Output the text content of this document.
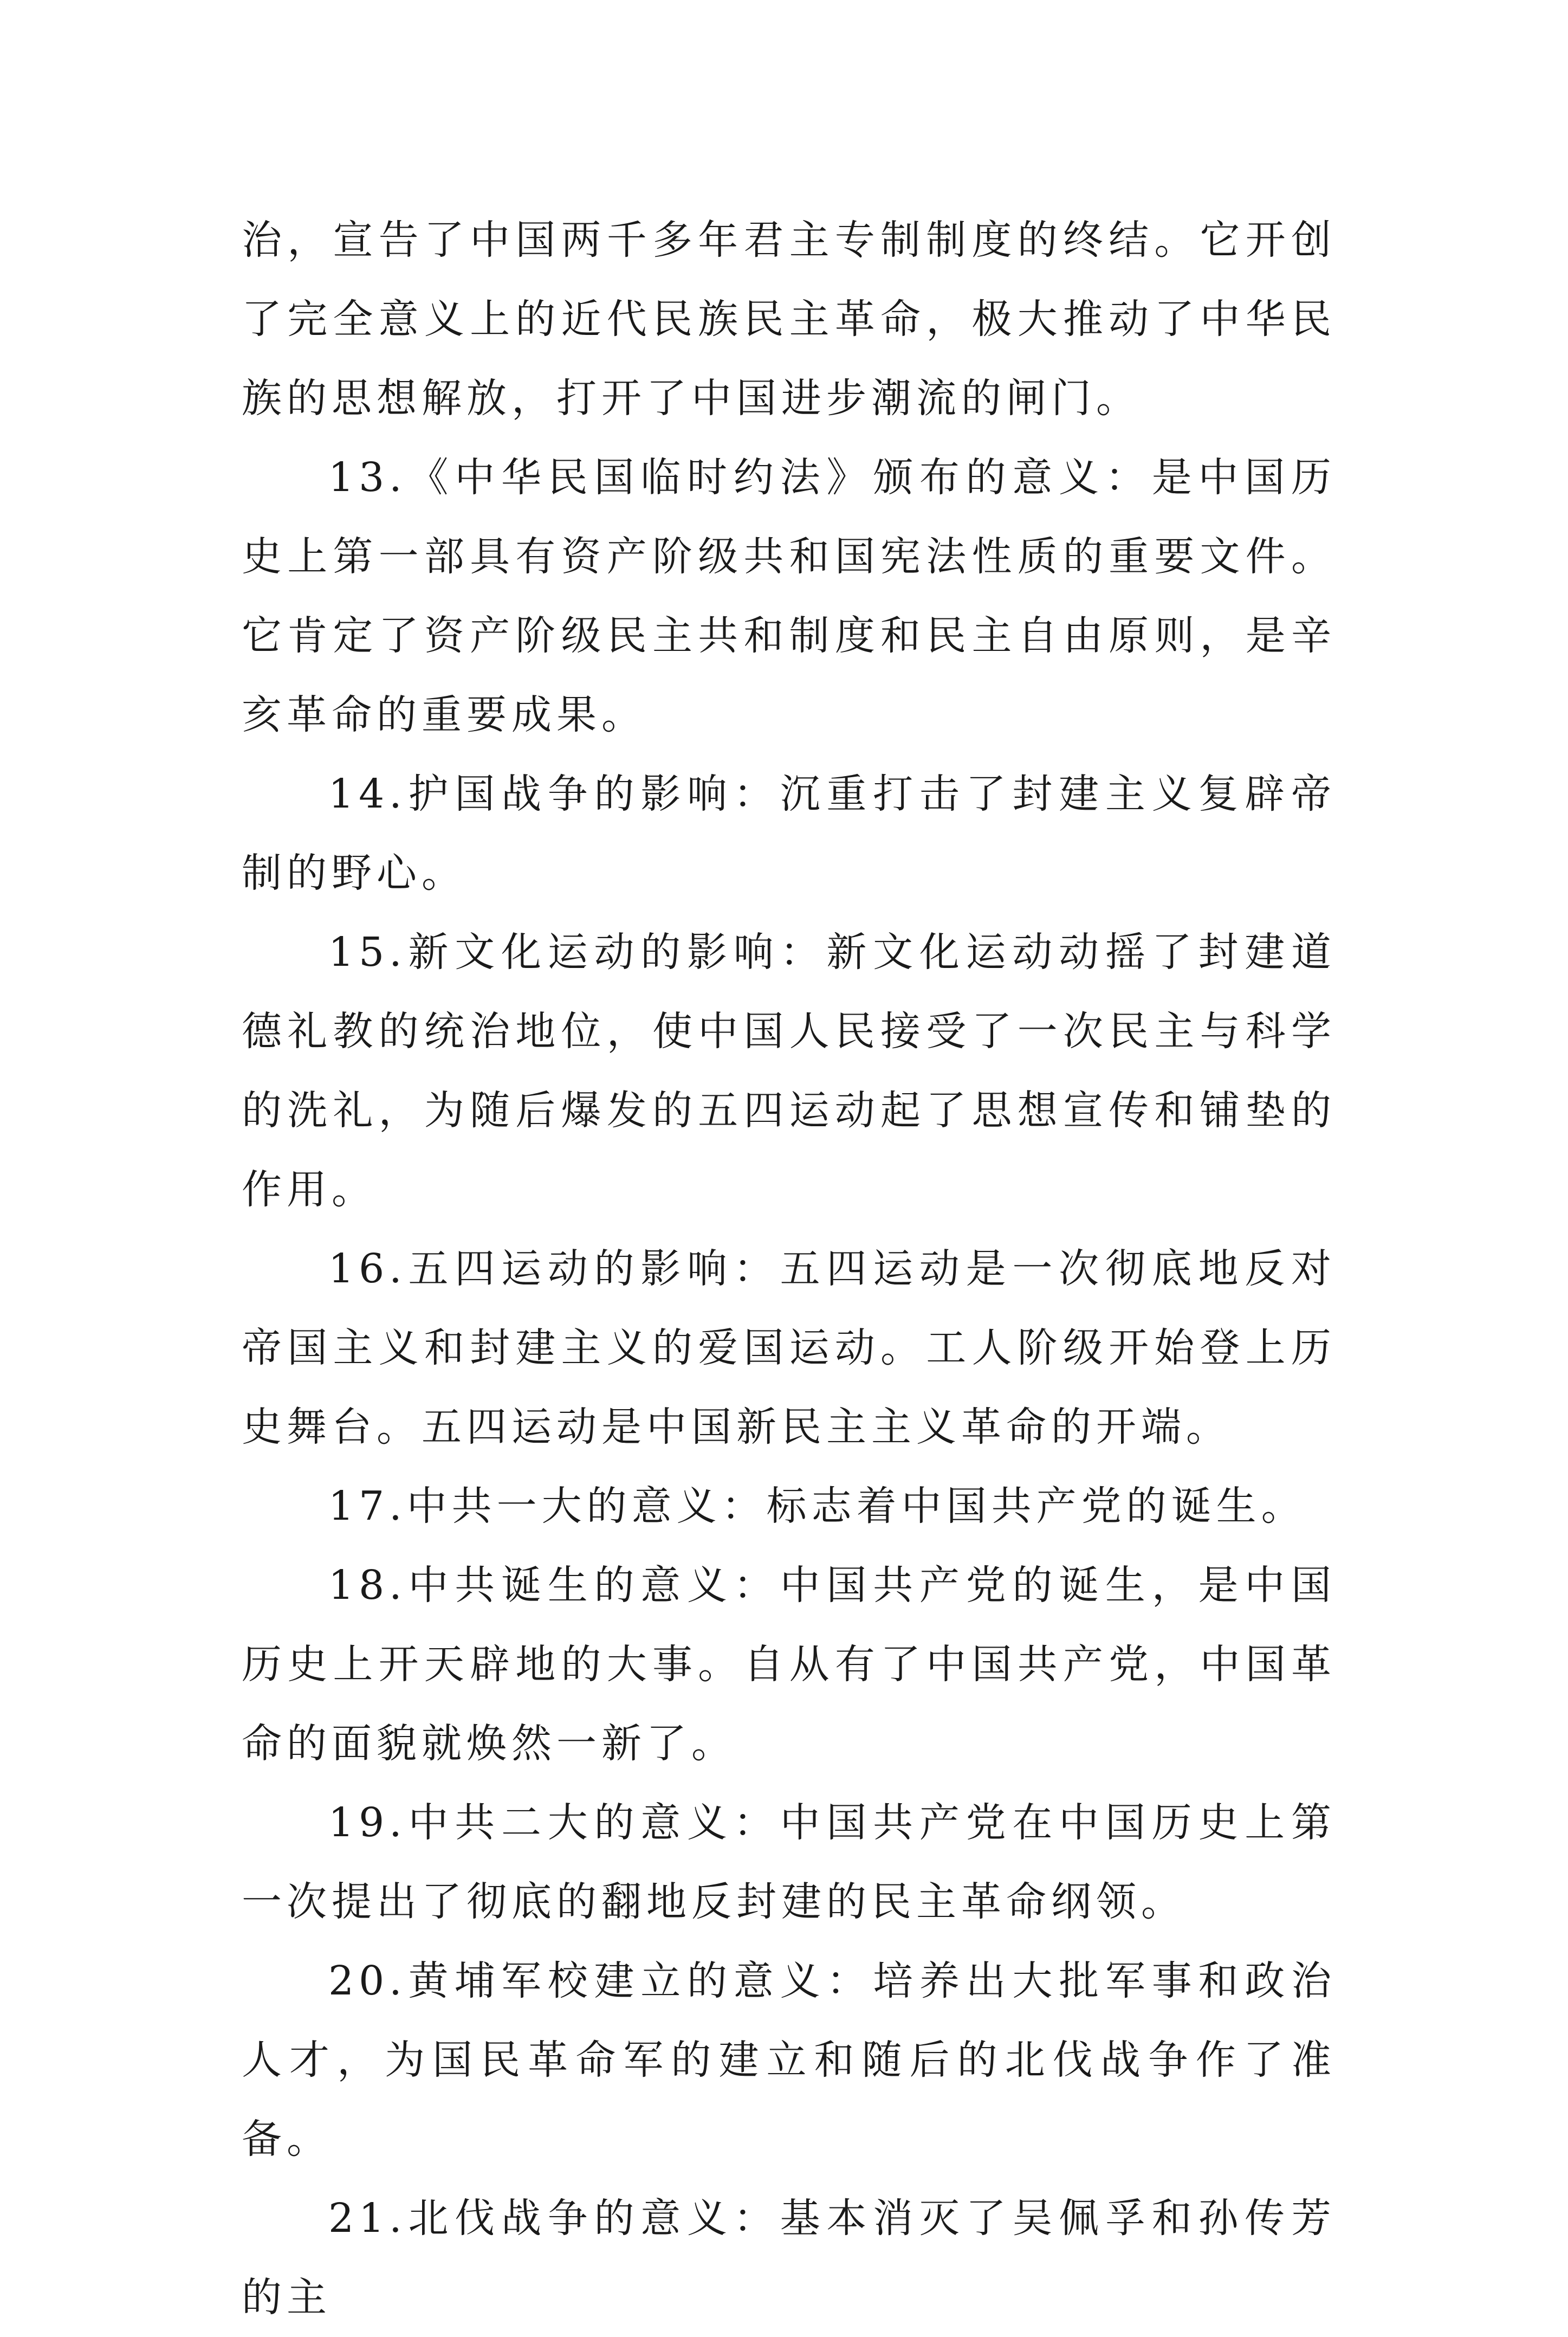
治，宣告了中国两千多年君主专制制度的终结。它开创了完全意义上的近代民族民主革命，极大推动了中华民族的思想解放，打开了中国进步潮流的闸门。

13.《中华民国临时约法》颁布的意义：是中国历史上第一部具有资产阶级共和国宪法性质的重要文件。它肯定了资产阶级民主共和制度和民主自由原则，是辛亥革命的重要成果。

14.护国战争的影响：沉重打击了封建主义复辟帝制的野心。

15.新文化运动的影响：新文化运动动摇了封建道德礼教的统治地位，使中国人民接受了一次民主与科学的洗礼，为随后爆发的五四运动起了思想宣传和铺垫的作用。

16.五四运动的影响：五四运动是一次彻底地反对帝国主义和封建主义的爱国运动。工人阶级开始登上历史舞台。五四运动是中国新民主主义革命的开端。

17.中共一大的意义：标志着中国共产党的诞生。

18.中共诞生的意义：中国共产党的诞生，是中国历史上开天辟地的大事。自从有了中国共产党，中国革命的面貌就焕然一新了。

19.中共二大的意义：中国共产党在中国历史上第一次提出了彻底的翻地反封建的民主革命纲领。

20.黄埔军校建立的意义：培养出大批军事和政治人才，为国民革命军的建立和随后的北伐战争作了准备。

21.北伐战争的意义：基本消灭了吴佩孚和孙传芳的主
